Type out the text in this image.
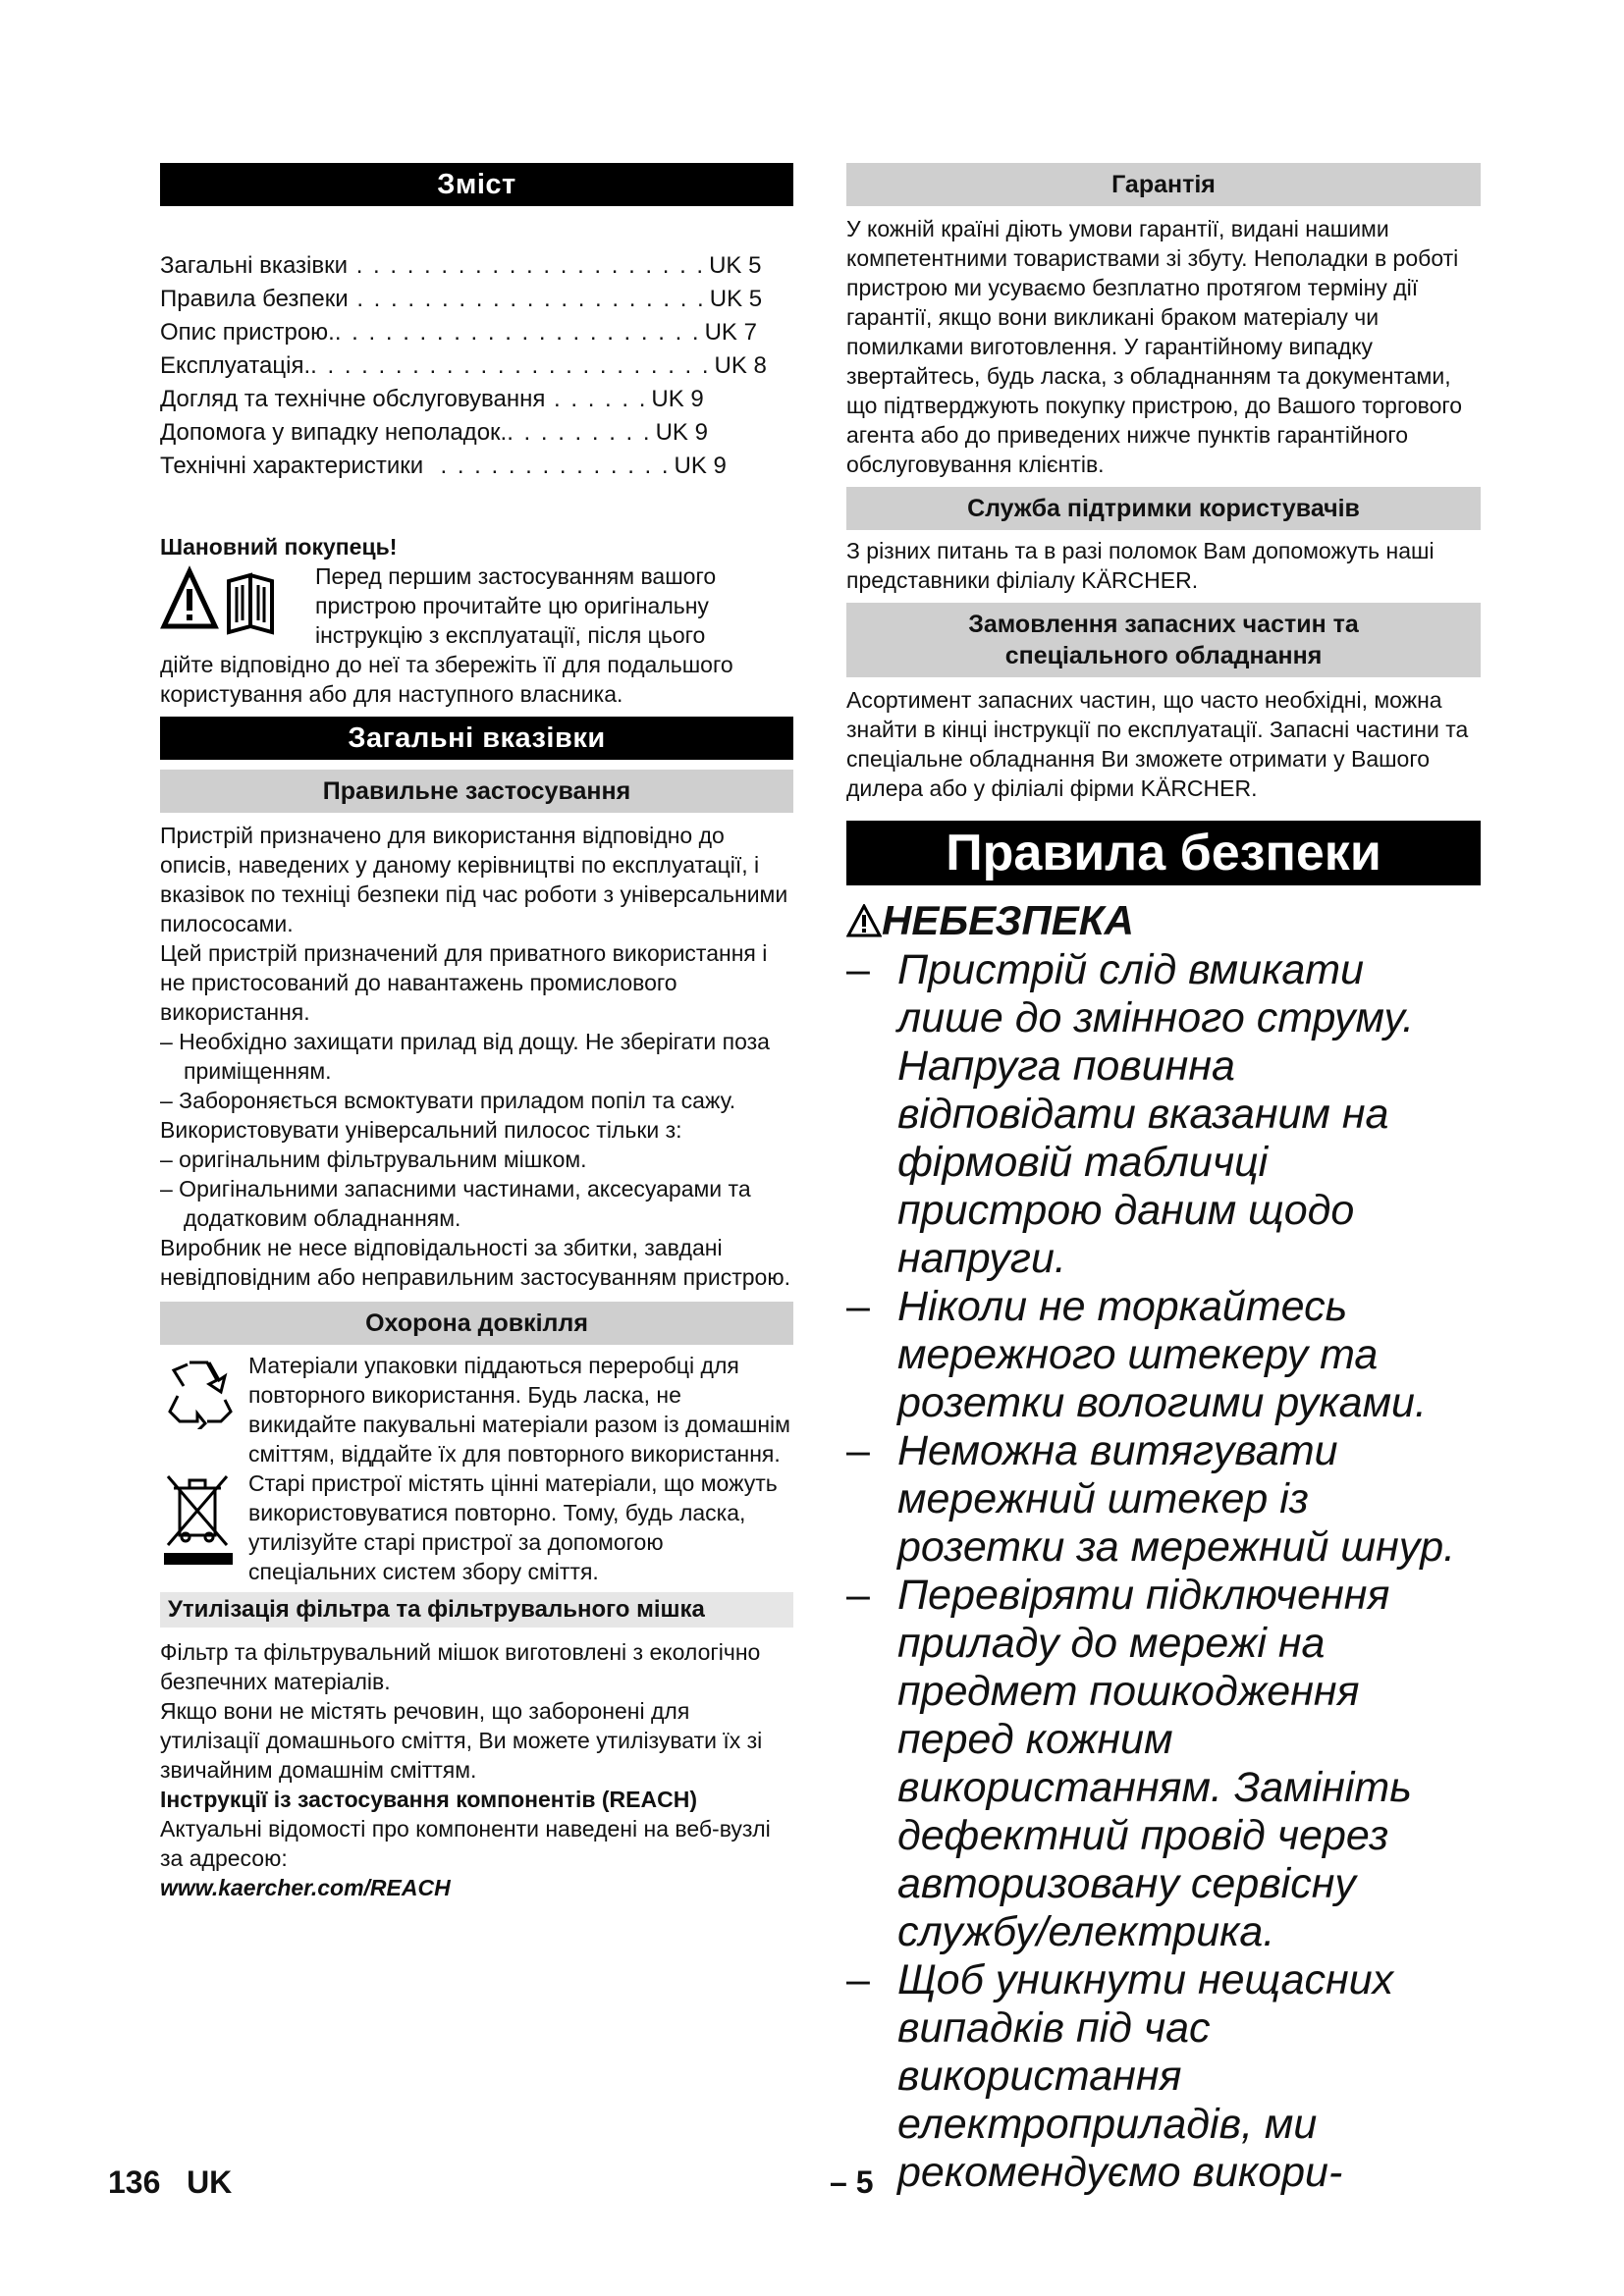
Зміст
Загальні вказівки . . . . . . . . . . . . . . . . . . . . . UK 5
Правила безпеки . . . . . . . . . . . . . . . . . . . . . UK 5
Опис пристрою. . . . . . . . . . . . . . . . . . . . . . . UK 7
Експлуатація. . . . . . . . . . . . . . . . . . . . . . . . . UK 8
Догляд та технічне обслуговування . . . . . . UK 9
Допомога у випадку неполадок. . . . . . . . . . UK 9
Технічні характеристики . . . . . . . . . . . . . . UK 9

Шановний покупець!

Перед першим застосуванням вашого пристрою прочитайте цю оригінальну інструкцію з експлуатації, після цього

дійте відповідно до неї та збережіть її для подальшого користування або для наступного власника.

Загальні вказівки
Правильне застосування

Пристрій призначено для використання відповідно до описів, наведених у даному керівництві по експлуатації, і вказівок по техніці безпеки під час роботи з універсальними пилососами.

Цей пристрій призначений для приватного використання і не пристосований до навантажень промислового використання.

– Необхідно захищати прилад від дощу. Не зберігати поза приміщенням.

– Забороняється всмоктувати приладом попіл та сажу.

Використовувати універсальний пилосос тільки з:

– оригінальним фільтрувальним мішком.

– Оригінальними запасними частинами, аксесуарами та додатковим обладнанням.

Виробник не несе відповідальності за збитки, завдані невідповідним або неправильним застосуванням пристрою.

Охорона довкілля

Матеріали упаковки піддаються переробці для повторного використання. Будь ласка, не викидайте пакувальні матеріали разом із домашнім сміттям, віддайте їх для повторного використання.

Старі пристрої містять цінні матеріали, що можуть використовуватися повторно. Тому, будь ласка, утилізуйте старі пристрої за допомогою спеціальних систем збору сміття.

Утилізація фільтра та фільтрувального мішка

Фільтр та фільтрувальний мішок виготовлені з екологічно безпечних матеріалів.

Якщо вони не містять речовин, що заборонені для утилізації домашнього сміття, Ви можете утилізувати їх зі звичайним домашнім сміттям.

Інструкції із застосування компонентів (REACH)

Актуальні відомості про компоненти наведені на веб-вузлі за адресою:

www.kaercher.com/REACH

Гарантія

У кожній країні діють умови гарантії, видані нашими компетентними товариствами зі збуту. Неполадки в роботі пристрою ми усуваємо безплатно протягом терміну дії гарантії, якщо вони викликані браком матеріалу чи помилками виготовлення. У гарантійному випадку звертайтесь, будь ласка, з обладнанням та документами, що підтверджують покупку пристрою, до Вашого торгового агента або до приведених нижче пунктів гарантійного обслуговування клієнтів.

Служба підтримки користувачів

З різних питань та в разі поломок Вам допоможуть наші представники філіалу KÄRCHER.

Замовлення запасних частин та
спеціального обладнання

Асортимент запасних частин, що часто необхідні, можна знайти в кінці інструкції по експлуатації. Запасні частини та спеціальне обладнання Ви зможете отримати у Вашого дилера або у філіалі фірми KÄRCHER.

Правила безпеки
НЕБЕЗПЕКА
– Пристрій слід вмикати лише до змінного струму. Напруга повинна відповідати вказаним на фірмовій табличці пристрою даним щодо напруги.
– Ніколи не торкайтесь мережного штекеру та розетки вологими руками.
– Неможна витягувати мережний штекер із розетки за мережний шнур.
– Перевіряти підключення приладу до мережі на предмет пошкодження перед кожним використанням. Замініть дефектний провід через авторизовану сервісну службу/електрика.
– Щоб уникнути нещасних випадків під час використання електроприладів, ми рекомендуємо викори-
136 UK	– 5
